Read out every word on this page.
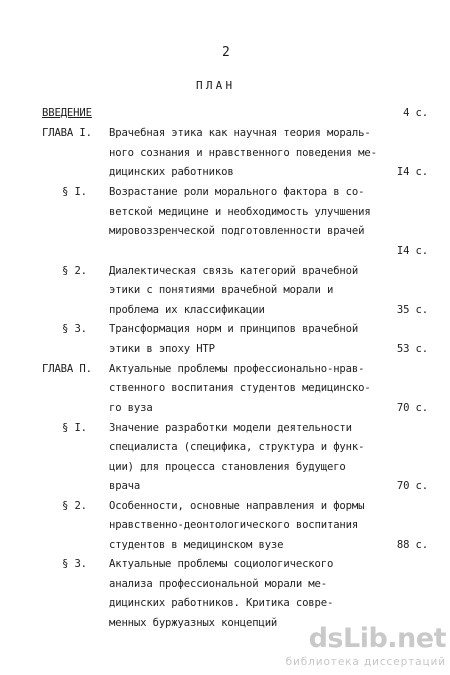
2
ПЛАН
ВВЕДЕНИЕ	4 с.
ГЛАВА I. Врачебная этика как научная теория мораль-
ного сознания и нравственного поведения ме-
дицинских работников	I4 с.
§ I. Возрастание роли морального фактора в со-
ветской медицине и необходимость улучшения
мировоззренческой подготовленности врачей
I4 с.
§ 2. Диалектическая связь категорий врачебной
этики с понятиями врачебной морали и
проблема их классификации	35 с.
§ 3. Трансформация норм и принципов врачебной
этики в эпоху НТР	53 с.
ГЛАВА П. Актуальные проблемы профессионально-нрав-
ственного воспитания студентов медицинско-
го вуза	70 с.
§ I. Значение разработки модели деятельности
специалиста (специфика, структура и функ-
ции) для процесса становления будущего
врача	70 с.
§ 2. Особенности, основные направления и формы
нравственно-деонтологического воспитания
студентов в медицинском вузе	88 с.
§ 3. Актуальные проблемы социологического
анализа профессиональной морали ме-
дицинских работников. Критика совре-
менных буржуазных концепций	dsLib.net
библиотека диссертаций
